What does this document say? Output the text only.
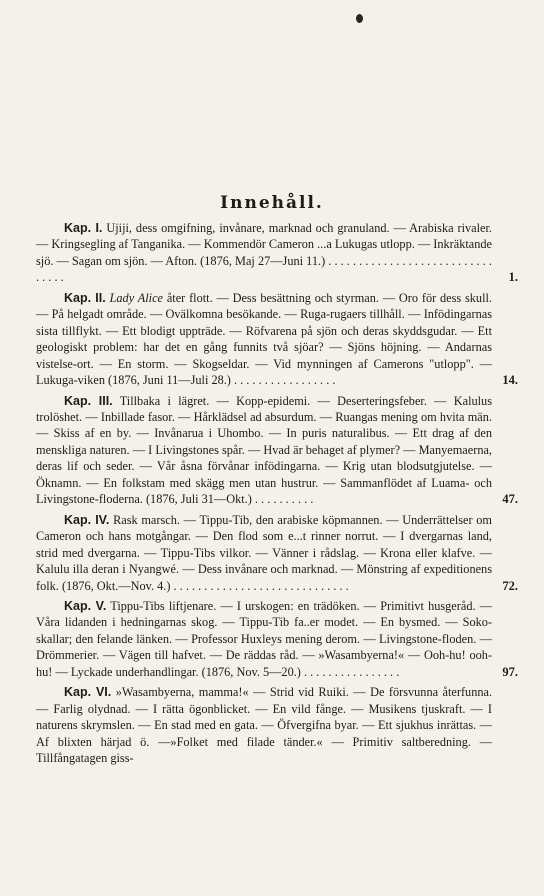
Innehåll.

Kap. I. Ujiji, dess omgifning, invånare, marknad och granuland. — Arabiska rivaler. — Kringsegling af Tanganika. — Kommendör Cameron ...a Lukugas utlopp. — Inkräktande sjö. — Sagan om sjön. — Afton. (1876, Maj 27—Juni 11.) . . . . . . . . . . . . . . . . . . . . . . . . . . . . . . . .	1.

Kap. II. Lady Alice åter flott. — Dess besättning och styrman. — Oro för dess skull. — På helgadt område. — Ovälkomna besökande. — Ruga-rugaers tillhåll. — Infödingarnas sista tillflykt. — Ett blodigt uppträde. — Röfvarena på sjön och deras skyddsgudar. — Ett geologiskt problem: har det en gång funnits två sjöar? — Sjöns höjning. — Andarnas vistelse-ort. — En storm. — Skogseldar. — Vid mynningen af Camerons "utlopp". — Lukuga-viken (1876, Juni 11—Juli 28.) . . . . . . . . . . . . . . . . .	14.

Kap. III. Tillbaka i lägret. — Kopp-epidemi. — Deserteringsfeber. — Kalulus trolöshet. — Inbillade fasor. — Hårklädsel ad absurdum. — Ruangas mening om hvita män. — Skiss af en by. — Invånarua i Uhombo. — In puris naturalibus. — Ett drag af den menskliga naturen. — I Livingstones spår. — Hvad är behaget af plymer? — Manyemaerna, deras lif och seder. — Vår åsna förvånar infödingarna. — Krig utan blodsutgjutelse. — Öknamn. — En folkstam med skägg men utan hustrur. — Sammanflödet af Luama- och Livingstone-floderna. (1876, Juli 31—Okt.) . . . . . . . . . .	47.

Kap. IV. Rask marsch. — Tippu-Tib, den arabiske köpmannen. — Underrättelser om Cameron och hans motgångar. — Den flod som e...t rinner norrut. — I dvergarnas land, strid med dvergarna. — Tippu-Tibs vilkor. — Vänner i rådslag. — Krona eller klafve. — Kalulu illa deran i Nyangwé. — Dess invånare och marknad. — Mönstring af expeditionens folk. (1876, Okt.—Nov. 4.) . . . . . . . . . . . . . . . . . . . . . . . . . . . . .	72.

Kap. V. Tippu-Tibs liftjenare. — I urskogen: en trädöken. — Primitivt husgeråd. — Våra lidanden i hedningarnas skog. — Tippu-Tib fa..er modet. — En bysmed. — Soko-skallar; den felande länken. — Professor Huxleys mening derom. — Livingstone-floden. — Drömmerier. — Vägen till hafvet. — De räddas råd. — »Wasambyerna!« — Ooh-hu! ooh-hu! — Lyckade underhandlingar. (1876, Nov. 5—20.) . . . . . . . . . . . . . . . .	97.

Kap. VI. »Wasambyerna, mamma!« — Strid vid Ruiki. — De försvunna återfunna. — Farlig olydnad. — I rätta ögonblicket. — En vild fånge. — Musikens tjuskraft. — I naturens skrymslen. — En stad med en gata. — Öfvergifna byar. — Ett sjukhus inrättas. — Af blixten härjad ö. —»Folket med filade tänder.« — Primitiv saltberedning. — Tillfångatagen giss-
